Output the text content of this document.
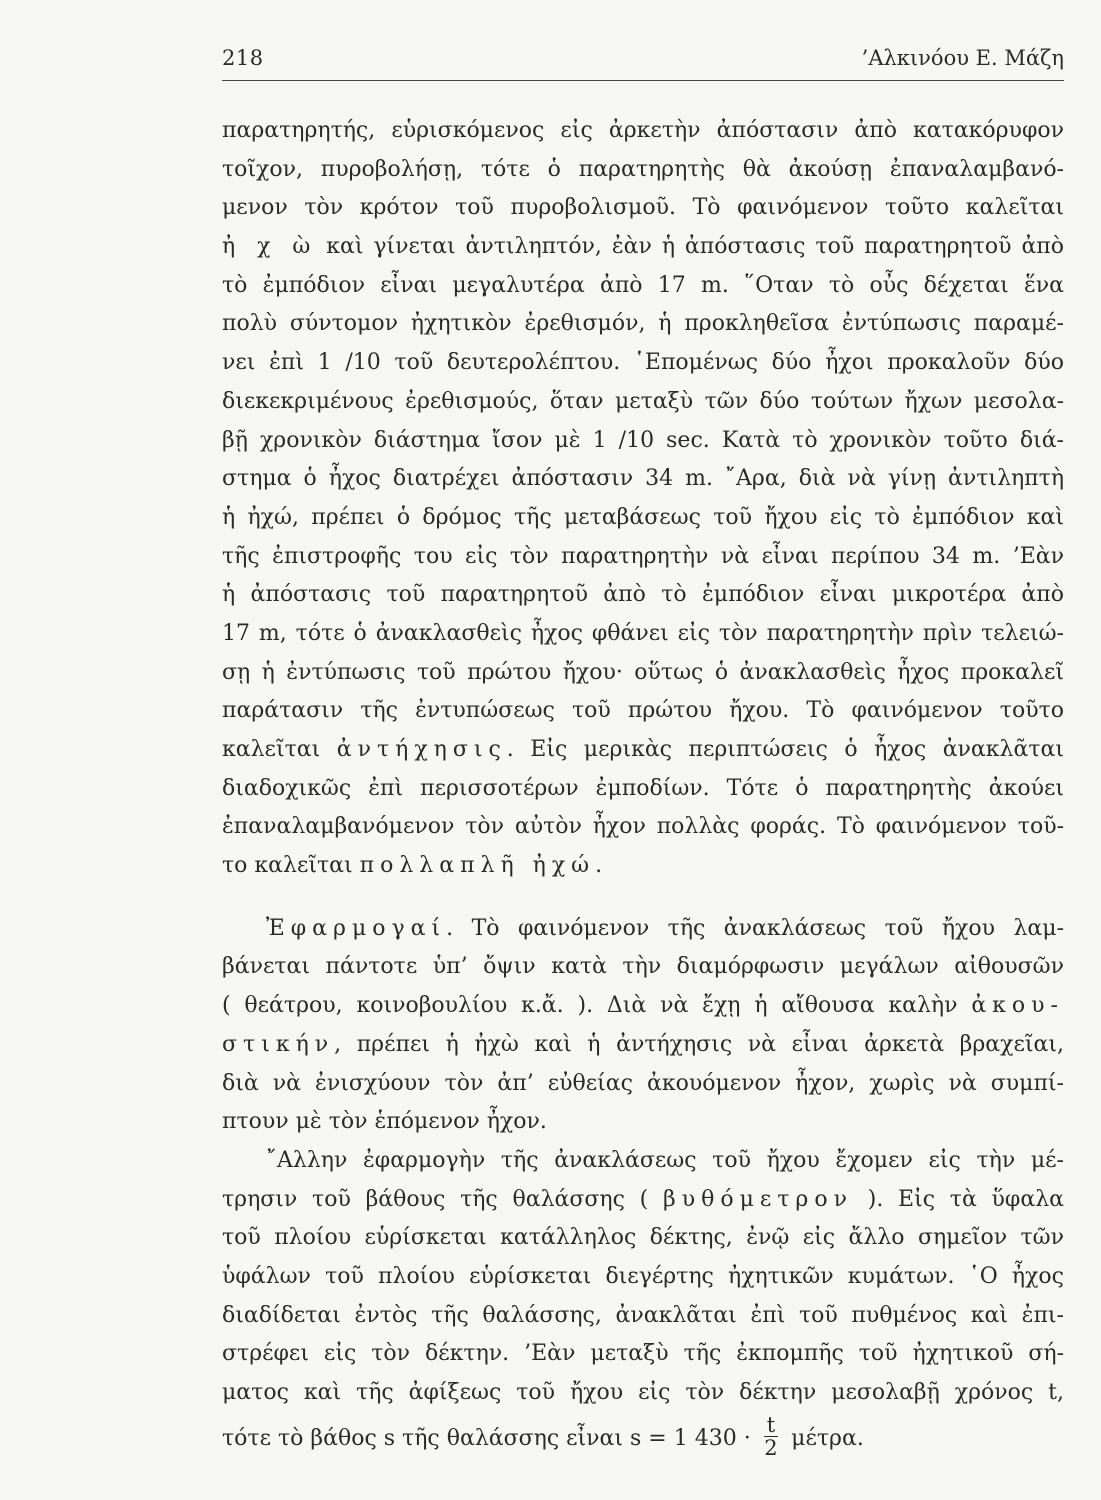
218	’Αλκινόου Ε. Μάζη
παρατηρητής, εὑρισκόμενος εἰς ἀρκετὴν ἀπόστασιν ἀπὸ κατακόρυφον
τοῖχον, πυροβολήσῃ, τότε ὁ παρατηρητὴς θὰ ἀκούσῃ ἐπαναλαμβανό-
μενον τὸν κρότον τοῦ πυροβολισμοῦ. Τὸ φαινόμενον τοῦτο καλεῖται
ἠ χ ὼ καὶ γίνεται ἀντιληπτόν, ἐὰν ἡ ἀπόστασις τοῦ παρατηρητοῦ ἀπὸ
τὸ ἐμπόδιον εἶναι μεγαλυτέρα ἀπὸ 17 m. ῞Οταν τὸ οὖς δέχεται ἕνα
πολὺ σύντομον ἠχητικὸν ἐρεθισμόν, ἡ προκληθεῖσα ἐντύπωσις παραμέ-
νει ἐπὶ 1 /10 τοῦ δευτερολέπτου. ῾Επομένως δύο ἦχοι προκαλοῦν δύο
διεκεκριμένους ἐρεθισμούς, ὅταν μεταξὺ τῶν δύο τούτων ἤχων μεσολα-
βῇ χρονικὸν διάστημα ἴσον μὲ 1 /10 sec. Κατὰ τὸ χρονικὸν τοῦτο διά-
στημα ὁ ἦχος διατρέχει ἀπόστασιν 34 m. ῎Αρα, διὰ νὰ γίνῃ ἀντιληπτὴ
ἡ ἠχώ, πρέπει ὁ δρόμος τῆς μεταβάσεως τοῦ ἤχου εἰς τὸ ἐμπόδιον καὶ
τῆς ἐπιστροφῆς του εἰς τὸν παρατηρητὴν νὰ εἶναι περίπου 34 m. ’Εὰν
ἡ ἀπόστασις τοῦ παρατηρητοῦ ἀπὸ τὸ ἐμπόδιον εἶναι μικροτέρα ἀπὸ
17 m, τότε ὁ ἀνακλασθεὶς ἦχος φθάνει εἰς τὸν παρατηρητὴν πρὶν τελειώ-
σῃ ἡ ἐντύπωσις τοῦ πρώτου ἤχου· οὕτως ὁ ἀνακλασθεὶς ἦχος προκαλεῖ
παράτασιν τῆς ἐντυπώσεως τοῦ πρώτου ἤχου. Τὸ φαινόμενον τοῦτο
καλεῖται ἀντήχησις. Εἰς μερικὰς περιπτώσεις ὁ ἦχος ἀνακλᾶται
διαδοχικῶς ἐπὶ περισσοτέρων ἐμποδίων. Τότε ὁ παρατηρητὴς ἀκούει
ἐπαναλαμβανόμενον τὸν αὐτὸν ἦχον πολλὰς φοράς. Τὸ φαινόμενον τοῦ-
το καλεῖται πολλαπλῆ ἠχώ.
Ἐφαρμογαί. Τὸ φαινόμενον τῆς ἀνακλάσεως τοῦ ἤχου λαμ-
βάνεται πάντοτε ὑπ’ ὄψιν κατὰ τὴν διαμόρφωσιν μεγάλων αἰθουσῶν
( θεάτρου, κοινοβουλίου κ.ἄ. ). Διὰ νὰ ἔχῃ ἡ αἴθουσα καλὴν ἀκου-
στικήν, πρέπει ἡ ἠχὼ καὶ ἡ ἀντήχησις νὰ εἶναι ἀρκετὰ βραχεῖαι,
διὰ νὰ ἐνισχύουν τὸν ἀπ’ εὐθείας ἀκουόμενον ἦχον, χωρὶς νὰ συμπί-
πτουν μὲ τὸν ἑπόμενον ἦχον.
῎Αλλην ἐφαρμογὴν τῆς ἀνακλάσεως τοῦ ἤχου ἔχομεν εἰς τὴν μέ-
τρησιν τοῦ βάθους τῆς θαλάσσης ( βυθόμετρον ). Εἰς τὰ ὕφαλα
τοῦ πλοίου εὑρίσκεται κατάλληλος δέκτης, ἐνῷ εἰς ἄλλο σημεῖον τῶν
ὑφάλων τοῦ πλοίου εὑρίσκεται διεγέρτης ἠχητικῶν κυμάτων. ῾Ο ἦχος
διαδίδεται ἐντὸς τῆς θαλάσσης, ἀνακλᾶται ἐπὶ τοῦ πυθμένος καὶ ἐπι-
στρέφει εἰς τὸν δέκτην. ’Εὰν μεταξὺ τῆς ἐκπομπῆς τοῦ ἠχητικοῦ σή-
ματος καὶ τῆς ἀφίξεως τοῦ ἤχου εἰς τὸν δέκτην μεσολαβῇ χρόνος t,
τότε τὸ βάθος s τῆς θαλάσσης εἶναι s = 1 $430 \cdot \frac{t}{2} \mu έ\tau\rho\alpha$.
